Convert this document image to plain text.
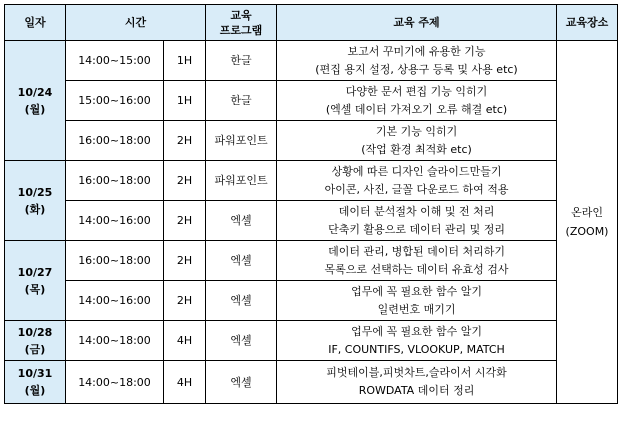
일자	시간		교육
프로그램	교육 주제	교육장소

10/24
(월)	14:00~15:00	1H	한글	보고서 꾸미기에 유용한 기능
(편집 용지 설정, 상용구 등록 및 사용 etc)	온라인
(ZOOM)

	15:00~16:00	1H	한글	다양한 문서 편집 기능 익히기
(엑셀 데이터 가져오기 오류 해결 etc)	

	16:00~18:00	2H	파워포인트	기본 기능 익히기
(작업 환경 최적화 etc)	

10/25
(화)	16:00~18:00	2H	파워포인트	상황에 따른 디자인 슬라이드만들기
아이콘, 사진, 글꼴 다운로드 하여 적용	

	14:00~16:00	2H	엑셀	데이터 분석절차 이해 및 전 처리
단축키 활용으로 데이터 관리 및 정리	

10/27
(목)	16:00~18:00	2H	엑셀	데이터 관리, 병합된 데이터 처리하기
목록으로 선택하는 데이터 유효성 검사	

	14:00~16:00	2H	엑셀	업무에 꼭 필요한 함수 알기
일련번호 매기기	

10/28
(금)	14:00~18:00	4H	엑셀	업무에 꼭 필요한 함수 알기
IF, COUNTIFS, VLOOKUP, MATCH	

10/31
(월)	14:00~18:00	4H	엑셀	피벗테이블,피벗차트,슬라이서 시각화
ROWDATA 데이터 정리	
